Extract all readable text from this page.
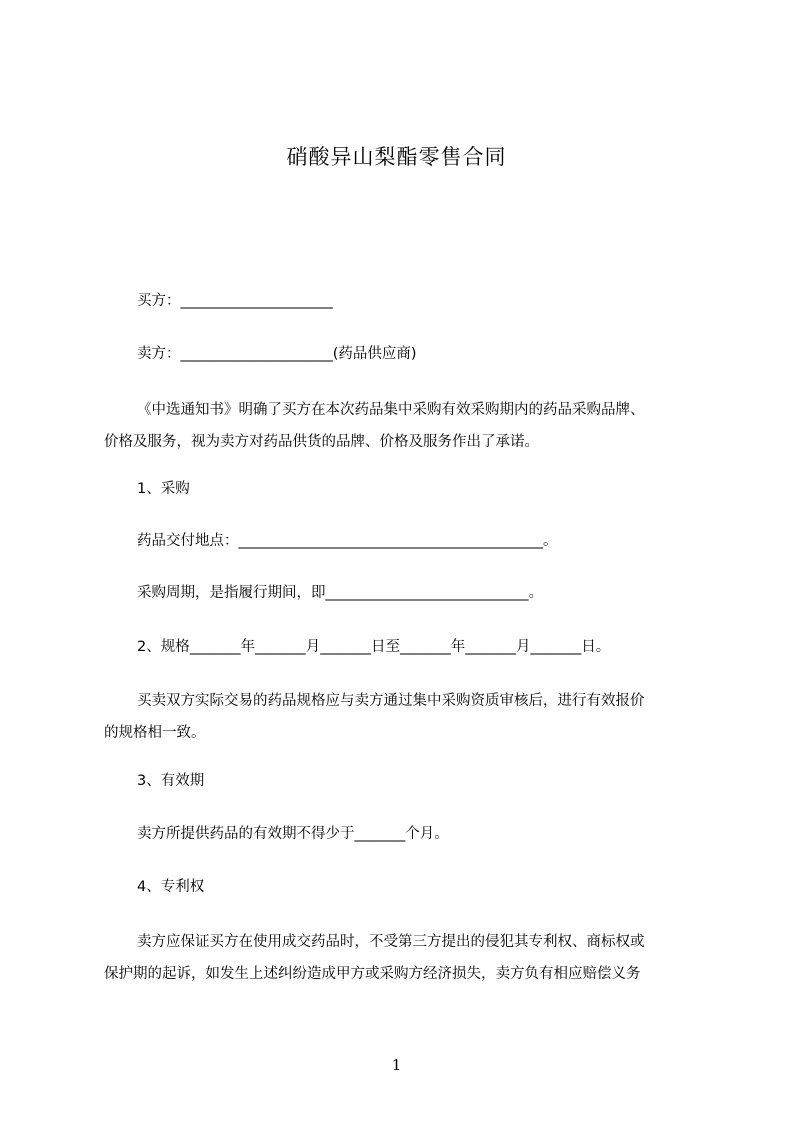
硝酸异山梨酯零售合同
买方：_____________________
卖方：_____________________(药品供应商)
《中选通知书》明确了买方在本次药品集中采购有效采购期内的药品采购品牌、
价格及服务，视为卖方对药品供货的品牌、价格及服务作出了承诺。
1、采购
药品交付地点：__________________________________________。
采购周期，是指履行期间，即____________________________。
2、规格_______年_______月_______日至_______年_______月_______日。
买卖双方实际交易的药品规格应与卖方通过集中采购资质审核后，进行有效报价
的规格相一致。
3、有效期
卖方所提供药品的有效期不得少于_______个月。
4、专利权
卖方应保证买方在使用成交药品时，不受第三方提出的侵犯其专利权、商标权或
保护期的起诉，如发生上述纠纷造成甲方或采购方经济损失，卖方负有相应赔偿义务
1
